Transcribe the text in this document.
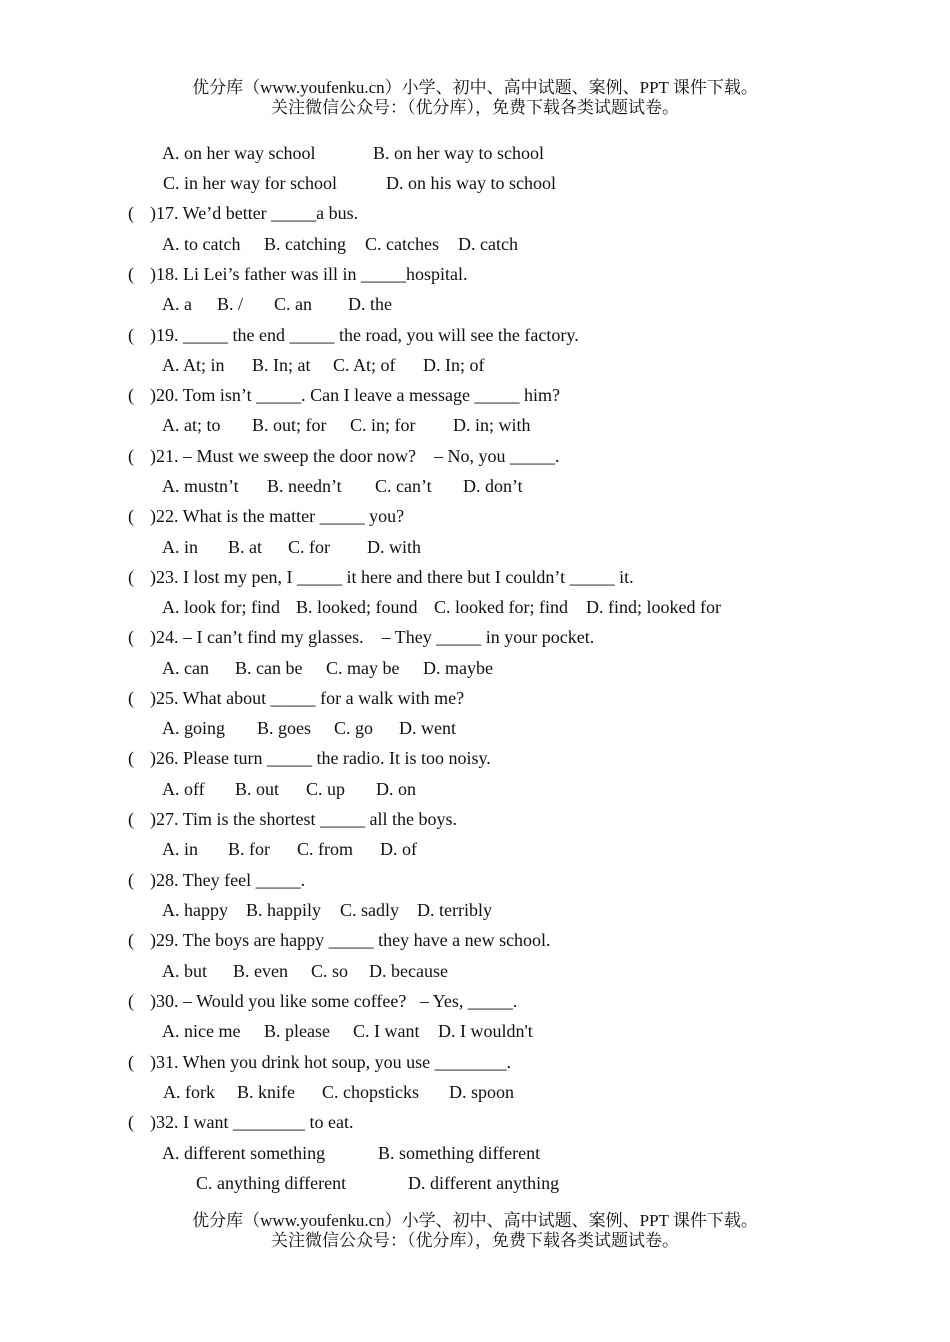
优分库（www.youfenku.cn）小学、初中、高中试题、案例、PPT 课件下载。
关注微信公众号：（优分库），免费下载各类试题试卷。
A. on her way school	B. on her way to school
C. in her way for school	D. on his way to school
( )17. We’d better _____a bus.
A. to catch B. catching C. catches D. catch
( )18. Li Lei’s father was ill in _____hospital.
A. a B. / C. an D. the
( )19. _____ the end _____ the road, you will see the factory.
A. At; in B. In; at C. At; of D. In; of
( )20. Tom isn’t _____. Can I leave a message _____ him?
A. at; to B. out; for C. in; for D. in; with
( )21. – Must we sweep the door now?    – No, you _____.
A. mustn’t B. needn’t C. can’t D. don’t
( )22. What is the matter _____ you?
A. in B. at C. for D. with
( )23. I lost my pen, I _____ it here and there but I couldn’t _____ it.
A. look for; find B. looked; found C. looked for; find D. find; looked for
( )24. – I can’t find my glasses.    – They _____ in your pocket.
A. can B. can be C. may be D. maybe
( )25. What about _____ for a walk with me?
A. going B. goes C. go D. went
( )26. Please turn _____ the radio. It is too noisy.
A. off B. out C. up D. on
( )27. Tim is the shortest _____ all the boys.
A. in B. for C. from D. of
( )28. They feel _____.
A. happy B. happily C. sadly D. terribly
( )29. The boys are happy _____ they have a new school.
A. but B. even C. so D. because
( )30. – Would you like some coffee?   – Yes, _____.
A. nice me B. please C. I want D. I wouldn't
( )31. When you drink hot soup, you use ________.
A. fork B. knife C. chopsticks D. spoon
( )32. I want ________ to eat.
A. different something	B. something different
C. anything different	D. different anything
优分库（www.youfenku.cn）小学、初中、高中试题、案例、PPT 课件下载。
关注微信公众号：（优分库），免费下载各类试题试卷。
